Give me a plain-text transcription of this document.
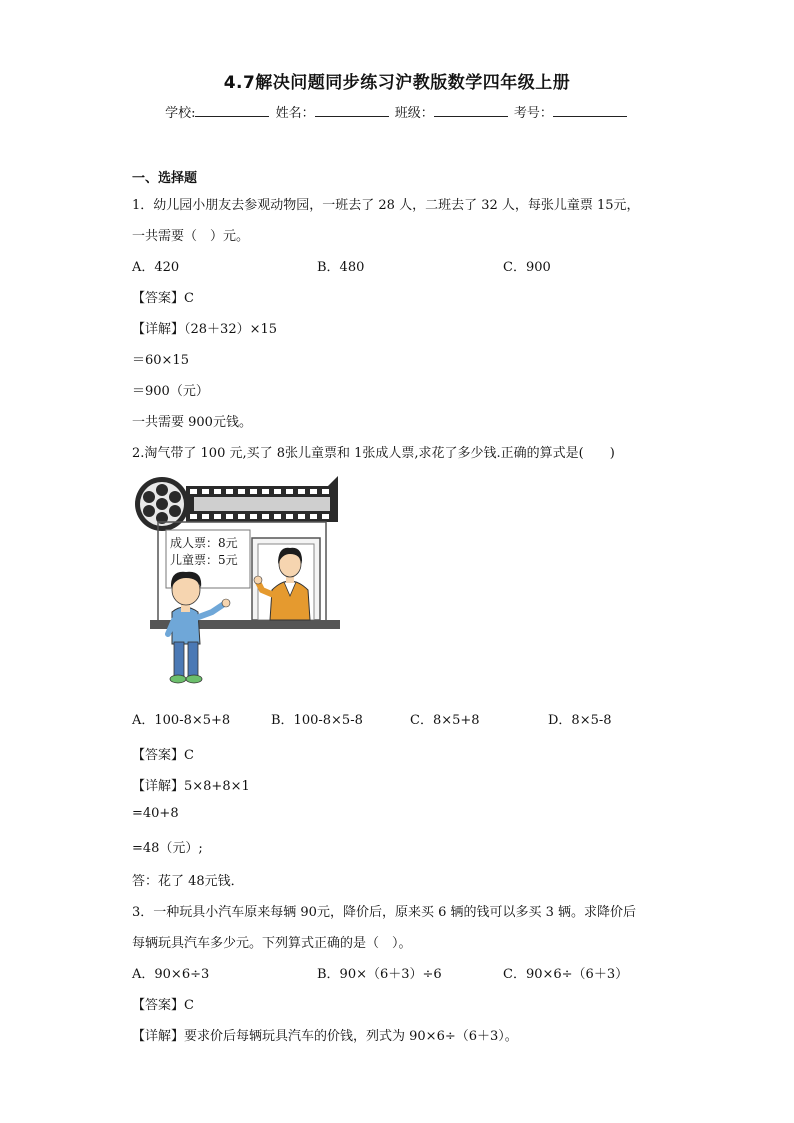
4.7解决问题同步练习沪教版数学四年级上册
学校:	姓名：	班级：	考号：
一、选择题
1．幼儿园小朋友去参观动物园，一班去了 28 人，二班去了 32 人，每张儿童票 15元，
一共需要（　）元。
A．420	B．480	C．900
【答案】C
【详解】（28＋32）×15
＝60×15
＝900（元）
一共需要 900元钱。
2.淘气带了 100 元,买了 8张儿童票和 1张成人票,求花了多少钱.正确的算式是(　　)
成人票：8元
儿童票：5元
A．100-8×5+8	B．100-8×5-8	C．8×5+8	D．8×5-8
【答案】C
【详解】5×8+8×1
=40+8
=48（元）;
答：花了 48元钱．
3．一种玩具小汽车原来每辆 90元，降价后，原来买 6 辆的钱可以多买 3 辆。求降价后
每辆玩具汽车多少元。下列算式正确的是（　）。
A．90×6÷3	B．90×（6＋3）÷6	C．90×6÷（6＋3）
【答案】C
【详解】要求价后每辆玩具汽车的价钱，列式为 90×6÷（6＋3）。
